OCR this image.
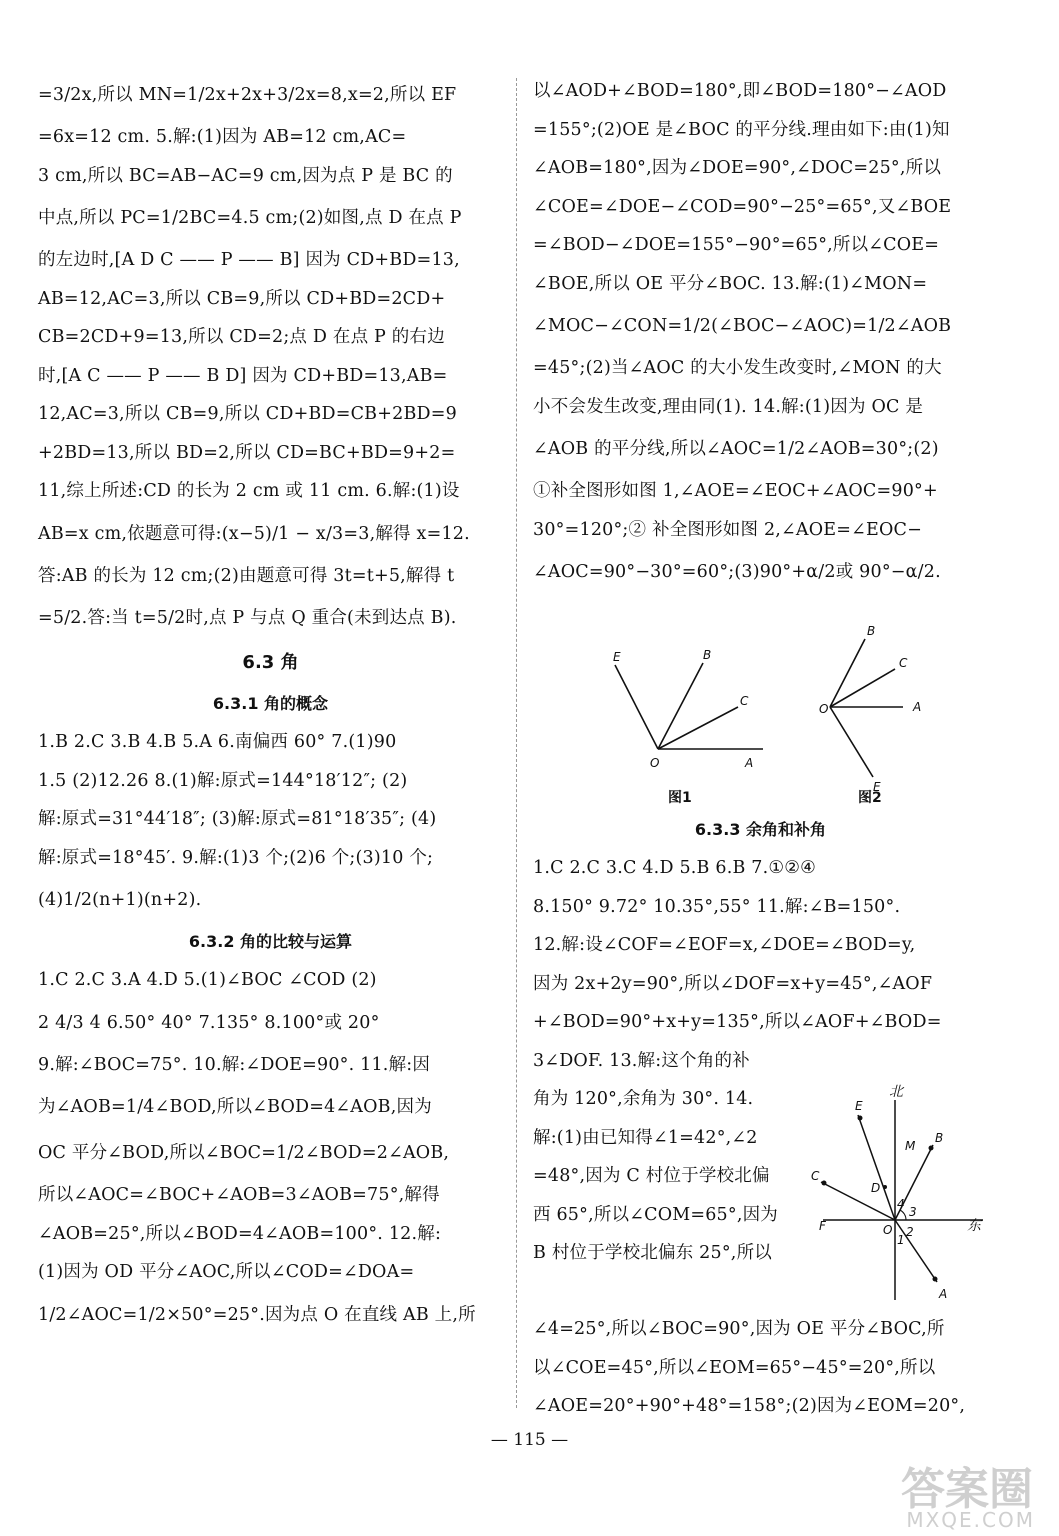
=3/2x,所以 MN=1/2x+2x+3/2x=8,x=2,所以 EF
=6x=12 cm. 5.解:(1)因为 AB=12 cm,AC=
3 cm,所以 BC=AB−AC=9 cm,因为点 P 是 BC 的
中点,所以 PC=1/2BC=4.5 cm;(2)如图,点 D 在点 P
的左边时,[A D C —— P —— B] 因为 CD+BD=13,
AB=12,AC=3,所以 CB=9,所以 CD+BD=2CD+
CB=2CD+9=13,所以 CD=2;点 D 在点 P 的右边
时,[A C —— P —— B D] 因为 CD+BD=13,AB=
12,AC=3,所以 CB=9,所以 CD+BD=CB+2BD=9
+2BD=13,所以 BD=2,所以 CD=BC+BD=9+2=
11,综上所述:CD 的长为 2 cm 或 11 cm. 6.解:(1)设
AB=x cm,依题意可得:(x−5)/1 − x/3=3,解得 x=12.
答:AB 的长为 12 cm;(2)由题意可得 3t=t+5,解得 t
=5/2.答:当 t=5/2时,点 P 与点 Q 重合(未到达点 B).
6.3 角
6.3.1 角的概念
1.B 2.C 3.B 4.B 5.A 6.南偏西 60° 7.(1)90
1.5 (2)12.26 8.(1)解:原式=144°18′12″; (2)
解:原式=31°44′18″; (3)解:原式=81°18′35″; (4)
解:原式=18°45′. 9.解:(1)3 个;(2)6 个;(3)10 个;
(4)1/2(n+1)(n+2).
6.3.2 角的比较与运算
1.C 2.C 3.A 4.D 5.(1)∠BOC ∠COD (2)
2 4/3 4 6.50° 40° 7.135° 8.100°或 20°
9.解:∠BOC=75°. 10.解:∠DOE=90°. 11.解:因
为∠AOB=1/4∠BOD,所以∠BOD=4∠AOB,因为
OC 平分∠BOD,所以∠BOC=1/2∠BOD=2∠AOB,
所以∠AOC=∠BOC+∠AOB=3∠AOB=75°,解得
∠AOB=25°,所以∠BOD=4∠AOB=100°. 12.解:
(1)因为 OD 平分∠AOC,所以∠COD=∠DOA=
1/2∠AOC=1/2×50°=25°.因为点 O 在直线 AB 上,所
以∠AOD+∠BOD=180°,即∠BOD=180°−∠AOD
=155°;(2)OE 是∠BOC 的平分线.理由如下:由(1)知
∠AOB=180°,因为∠DOE=90°,∠DOC=25°,所以
∠COE=∠DOE−∠COD=90°−25°=65°,又∠BOE
=∠BOD−∠DOE=155°−90°=65°,所以∠COE=
∠BOE,所以 OE 平分∠BOC. 13.解:(1)∠MON=
∠MOC−∠CON=1/2(∠BOC−∠AOC)=1/2∠AOB
=45°;(2)当∠AOC 的大小发生改变时,∠MON 的大
小不会发生改变,理由同(1). 14.解:(1)因为 OC 是
∠AOB 的平分线,所以∠AOC=1/2∠AOB=30°;(2)
①补全图形如图 1,∠AOE=∠EOC+∠AOC=90°+
30°=120°;② 补全图形如图 2,∠AOE=∠EOC−
∠AOC=90°−30°=60°;(3)90°+α/2或 90°−α/2.
O	A
E	B
C
O	A
B
C
E
图1	图2
6.3.3 余角和补角
1.C 2.C 3.C 4.D 5.B 6.B 7.①②④
8.150° 9.72° 10.35°,55° 11.解:∠B=150°.
12.解:设∠COF=∠EOF=x,∠DOE=∠BOD=y,
因为 2x+2y=90°,所以∠DOF=x+y=45°,∠AOF
+∠BOD=90°+x+y=135°,所以∠AOF+∠BOD=
3∠DOF. 13.解:这个角的补
角为 120°,余角为 30°. 14.
解:(1)由已知得∠1=42°,∠2
=48°,因为 C 村位于学校北偏
西 65°,所以∠COM=65°,因为
B 村位于学校北偏东 25°,所以
E
B
M
C
D
F	O
A
4
3
2
1
北
东
∠4=25°,所以∠BOC=90°,因为 OE 平分∠BOC,所
以∠COE=45°,所以∠EOM=65°−45°=20°,所以
∠AOE=20°+90°+48°=158°;(2)因为∠EOM=20°,
— 115 —
答案圈
MXQE.COM
